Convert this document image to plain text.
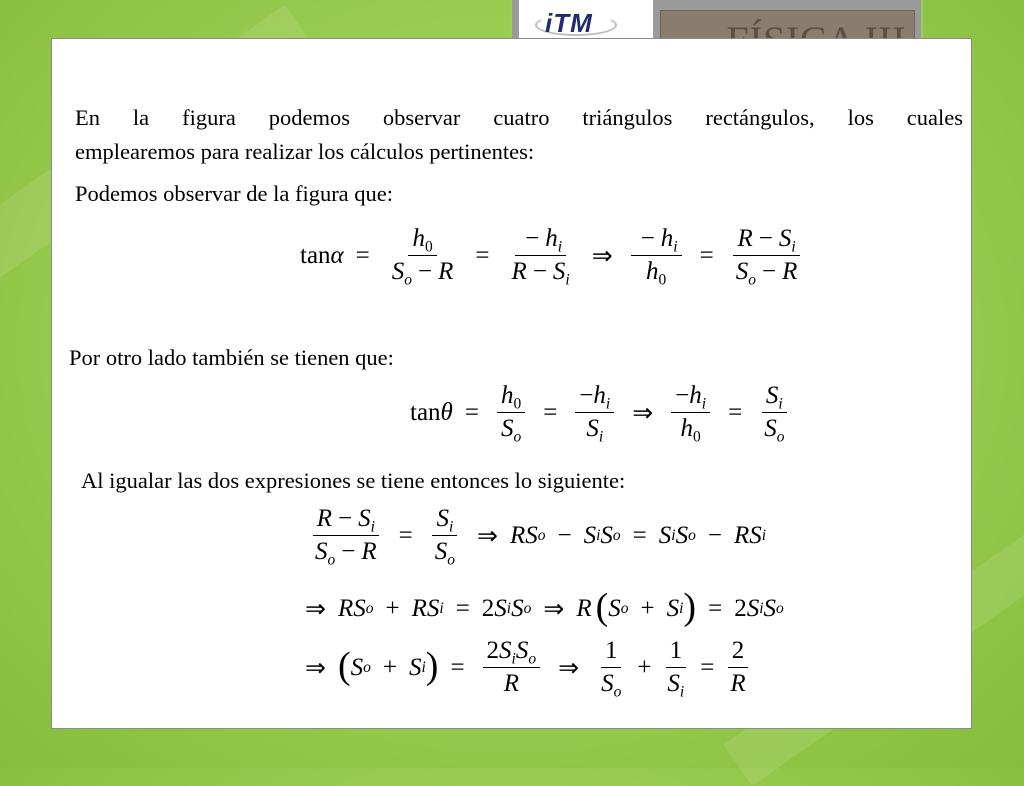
iTM
En la figura podemos observar cuatro triángulos rectángulos, los cuales
emplearemos para realizar los cálculos pertinentes:
Podemos observar de la figura que:
$\tan \alpha = \frac{h_0}{S_o - R} = \frac{- h_i}{R - S_i}$ ⇒ $\frac{- h_i}{h_0} = \frac{R - S_i}{S_o - R}$
Por otro lado también se tienen que:
$\tan \theta = \frac{h_0}{S_o} = \frac{-h_i}{S_i}$ ⇒ $\frac{-h_i}{h_0} = \frac{S_i}{S_o}$
Al igualar las dos expresiones se tiene entonces lo siguiente:
$\frac{R - S_i}{S_o - R} = \frac{S_i}{S_o}$ ⇒ R S o − S i S o = S i S o − R S i
⇒ R S o + R S i = 2 S i S o ⇒ R ( S o + S i ) = 2 S i S o
⇒ ( S o + S i ) = $\frac{2S_iS_o}{R}$ ⇒ $\frac{1}{S_o} + \frac{1}{S_i} = \frac{2}{R}$
